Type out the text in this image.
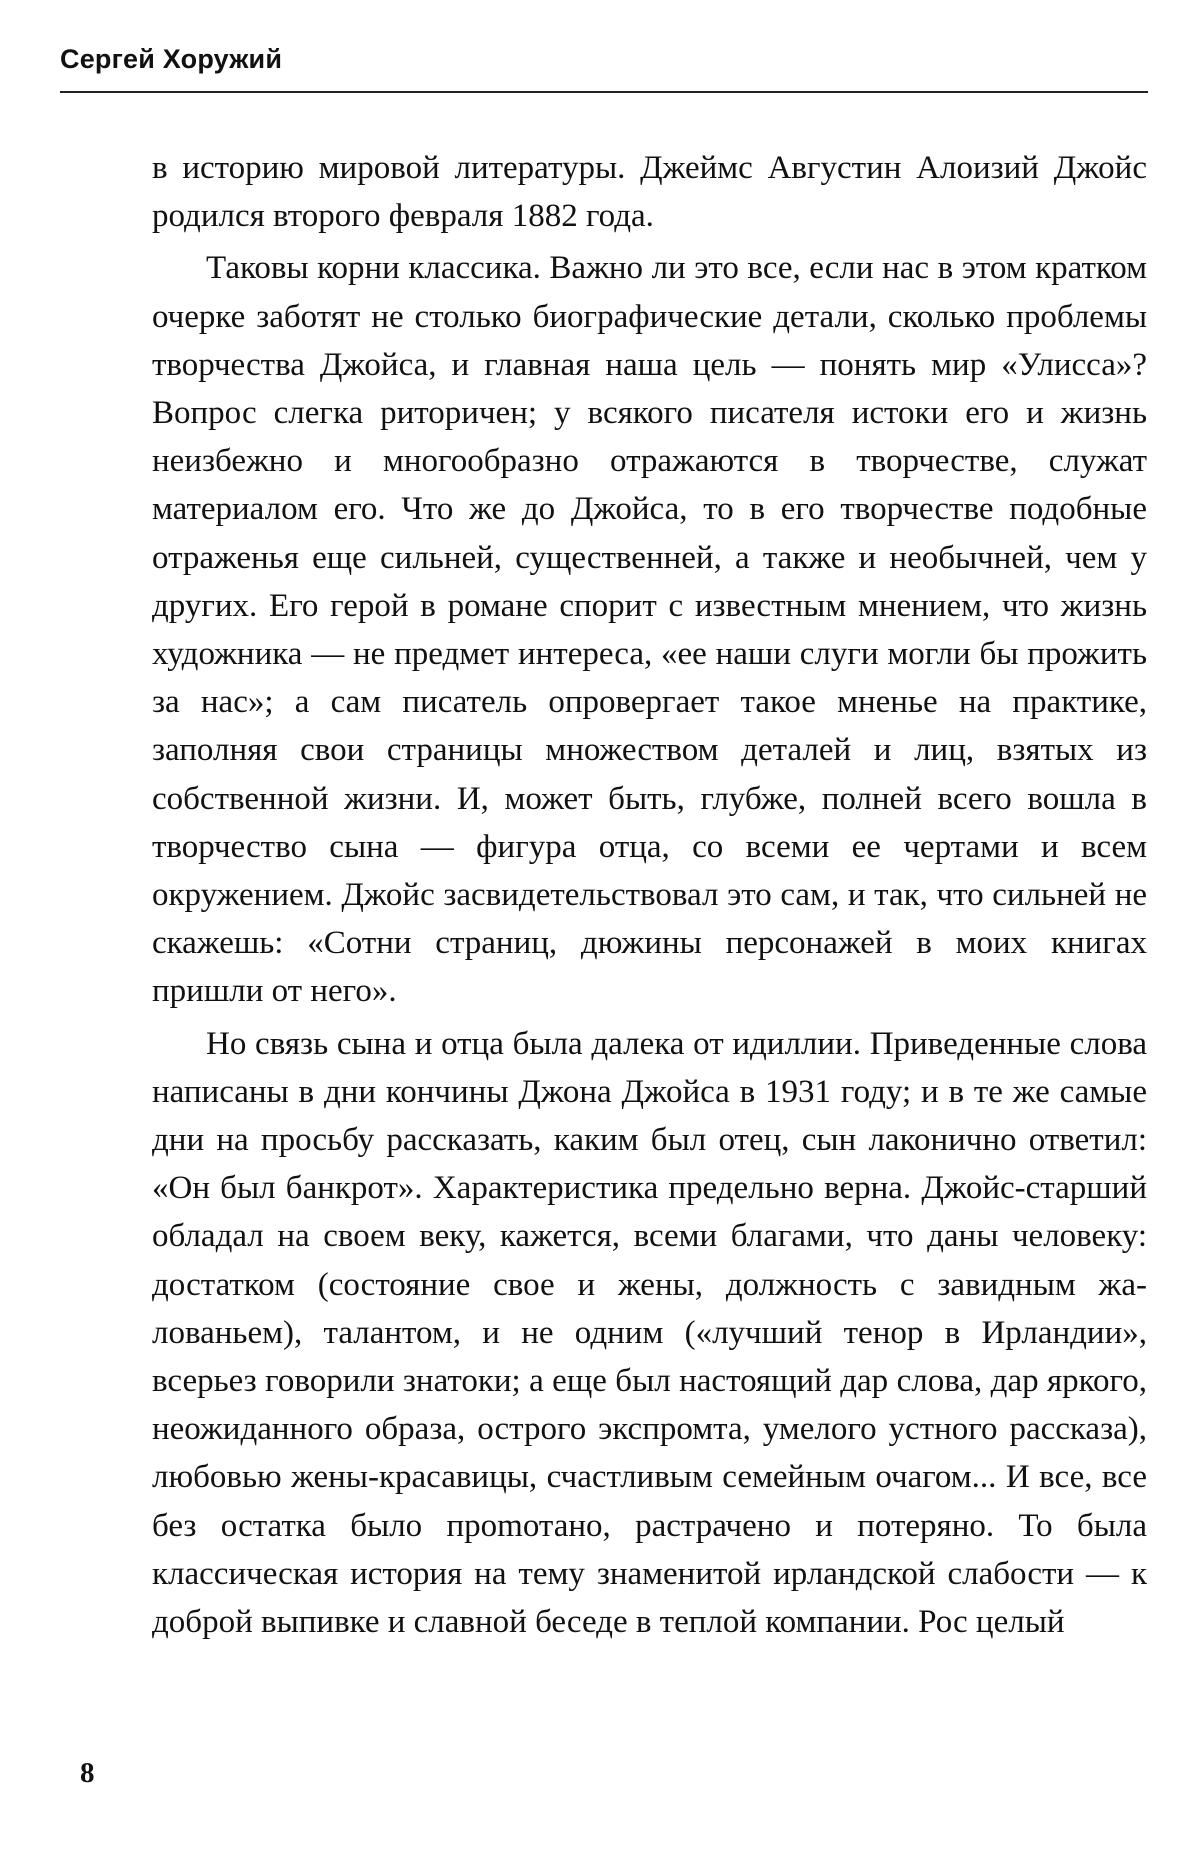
Сергей Хоружий

в историю мировой литературы. Джеймс Августин Алоизий Джойс родился второго февраля 1882 года.

Таковы корни классика. Важно ли это все, если нас в этом кратком очерке заботят не столько биографические детали, сколько проблемы творчества Джойса, и главная наша цель — понять мир «Улисса»? Вопрос слегка риторичен; у всякого писателя истоки его и жизнь неизбежно и многообразно отражаются в творчестве, служат материалом его. Что же до Джойса, то в его творчестве подобные отраженья еще сильней, существенней, а также и необычней, чем у других. Его герой в романе спорит с известным мнением, что жизнь художника — не предмет интереса, «ее наши слуги могли бы прожить за нас»; а сам писатель опровергает такое мненье на практике, заполняя свои страницы множеством деталей и лиц, взятых из собственной жизни. И, может быть, глубже, полней всего вошла в творчество сына — фигура отца, со всеми ее чертами и всем окружением. Джойс засвидетельствовал это сам, и так, что сильней не скажешь: «Сотни страниц, дюжины персонажей в моих книгах пришли от него».

Но связь сына и отца была далека от идиллии. Приведенные слова написаны в дни кончины Джона Джойса в 1931 году; и в те же самые дни на просьбу рассказать, каким был отец, сын лаконично ответил: «Он был банкрот». Характеристика предельно верна. Джойс-старший обладал на своем веку, кажется, всеми благами, что даны человеку: достатком (состояние свое и жены, должность с завидным жалованьем), талантом, и не одним («лучший тенор в Ирландии», всерьез говорили знатоки; а еще был настоящий дар слова, дар яркого, неожиданного образа, острого экспромта, умелого устного рассказа), любовью жены-красавицы, счастливым семейным очагом... И все, все без остатка было проmотано, растрачено и потеряно. То была классическая история на тему знаменитой ирландской слабости — к доброй выпивке и славной беседе в теплой компании. Рос целый

8
